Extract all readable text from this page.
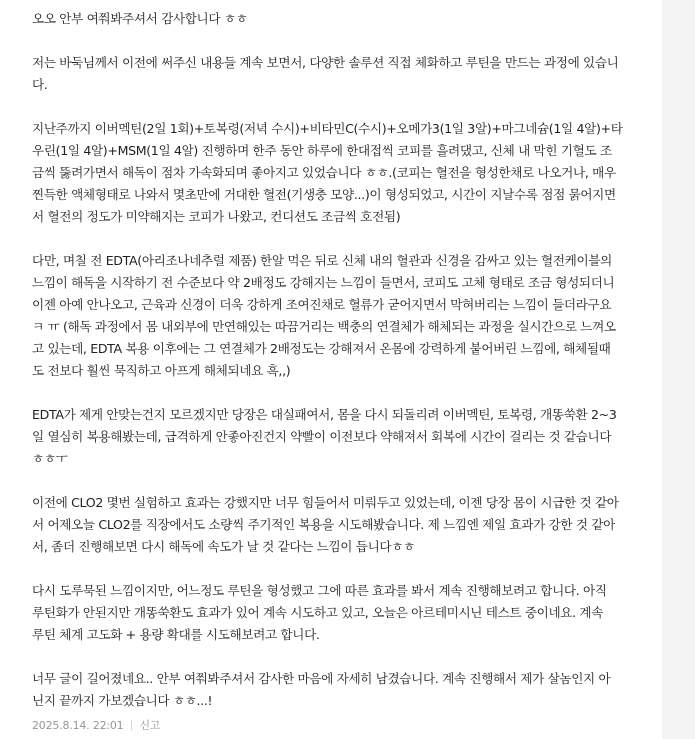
오오 안부 여쭤봐주셔서 감사합니다 ㅎㅎ

저는 바둑님께서 이전에 써주신 내용들 계속 보면서, 다양한 솔루션 직접 체화하고 루틴을 만드는 과정에 있습니
다.

지난주까지 이버멕틴(2일 1회)+토복령(저녁 수시)+비타민C(수시)+오메가3(1일 3알)+마그네슘(1일 4알)+타
우린(1일 4알)+MSM(1일 4알) 진행하며 한주 동안 하루에 한대접씩 코피를 흘려댔고, 신체 내 막힌 기혈도 조
금씩 뚫려가면서 해독이 점차 가속화되며 좋아지고 있었습니다 ㅎㅎ.(코피는 혈전을 형성한채로 나오거나, 매우
찐득한 액체형태로 나와서 몇초만에 거대한 혈전(기생충 모양...)이 형성되었고, 시간이 지날수록 점점 묽어지면
서 혈전의 정도가 미약해지는 코피가 나왔고, 컨디션도 조금씩 호전됨)

다만, 며칠 전 EDTA(아리조나네추럴 제품) 한알 먹은 뒤로 신체 내의 혈관과 신경을 감싸고 있는 혈전케이블의
느낌이 해독을 시작하기 전 수준보다 약 2배정도 강해지는 느낌이 들면서, 코피도 고체 형태로 조금 형성되더니
이젠 아예 안나오고, 근육과 신경이 더욱 강하게 조여진채로 혈류가 굳어지면서 막혀버리는 느낌이 들더라구요
ㅋ ㅠ (해독 과정에서 몸 내외부에 만연해있는 따끔거리는 백충의 연결체가 해체되는 과정을 실시간으로 느껴오
고 있는데, EDTA 복용 이후에는 그 연결체가 2배정도는 강해져서 온몸에 강력하게 붙어버린 느낌에, 해체될때
도 전보다 훨씬 묵직하고 아프게 해체되네요 흑,,)

EDTA가 제게 안맞는건지 모르겠지만 당장은 대실패여서, 몸을 다시 되돌리려 이버멕틴, 토복령, 개똥쑥환 2~3
일 열심히 복용해봤는데, 급격하게 안좋아진건지 약빨이 이전보다 약해져서 회복에 시간이 걸리는 것 같습니다
ㅎㅎㅜ

이전에 CLO2 몇번 실험하고 효과는 강했지만 너무 힘들어서 미뤄두고 있었는데, 이젠 당장 몸이 시급한 것 같아
서 어제오늘 CLO2를 직장에서도 소량씩 주기적인 복용을 시도해봤습니다. 제 느낌엔 제일 효과가 강한 것 같아
서, 좀더 진행해보면 다시 해독에 속도가 날 것 같다는 느낌이 듭니다ㅎㅎ

다시 도루묵된 느낌이지만, 어느정도 루틴을 형성했고 그에 따른 효과를 봐서 계속 진행해보려고 합니다. 아직
루틴화가 안된지만 개똥쑥환도 효과가 있어 계속 시도하고 있고, 오늘은 아르테미시닌 테스트 중이네요. 계속
루틴 체계 고도화 + 용량 확대를 시도해보려고 합니다.

너무 글이 길어졌네요.. 안부 여쭤봐주셔서 감사한 마음에 자세히 남겼습니다. 계속 진행해서 제가 살놈인지 아
닌지 끝까지 가보겠습니다 ㅎㅎ...!

2025.8.14. 22:01 신고
